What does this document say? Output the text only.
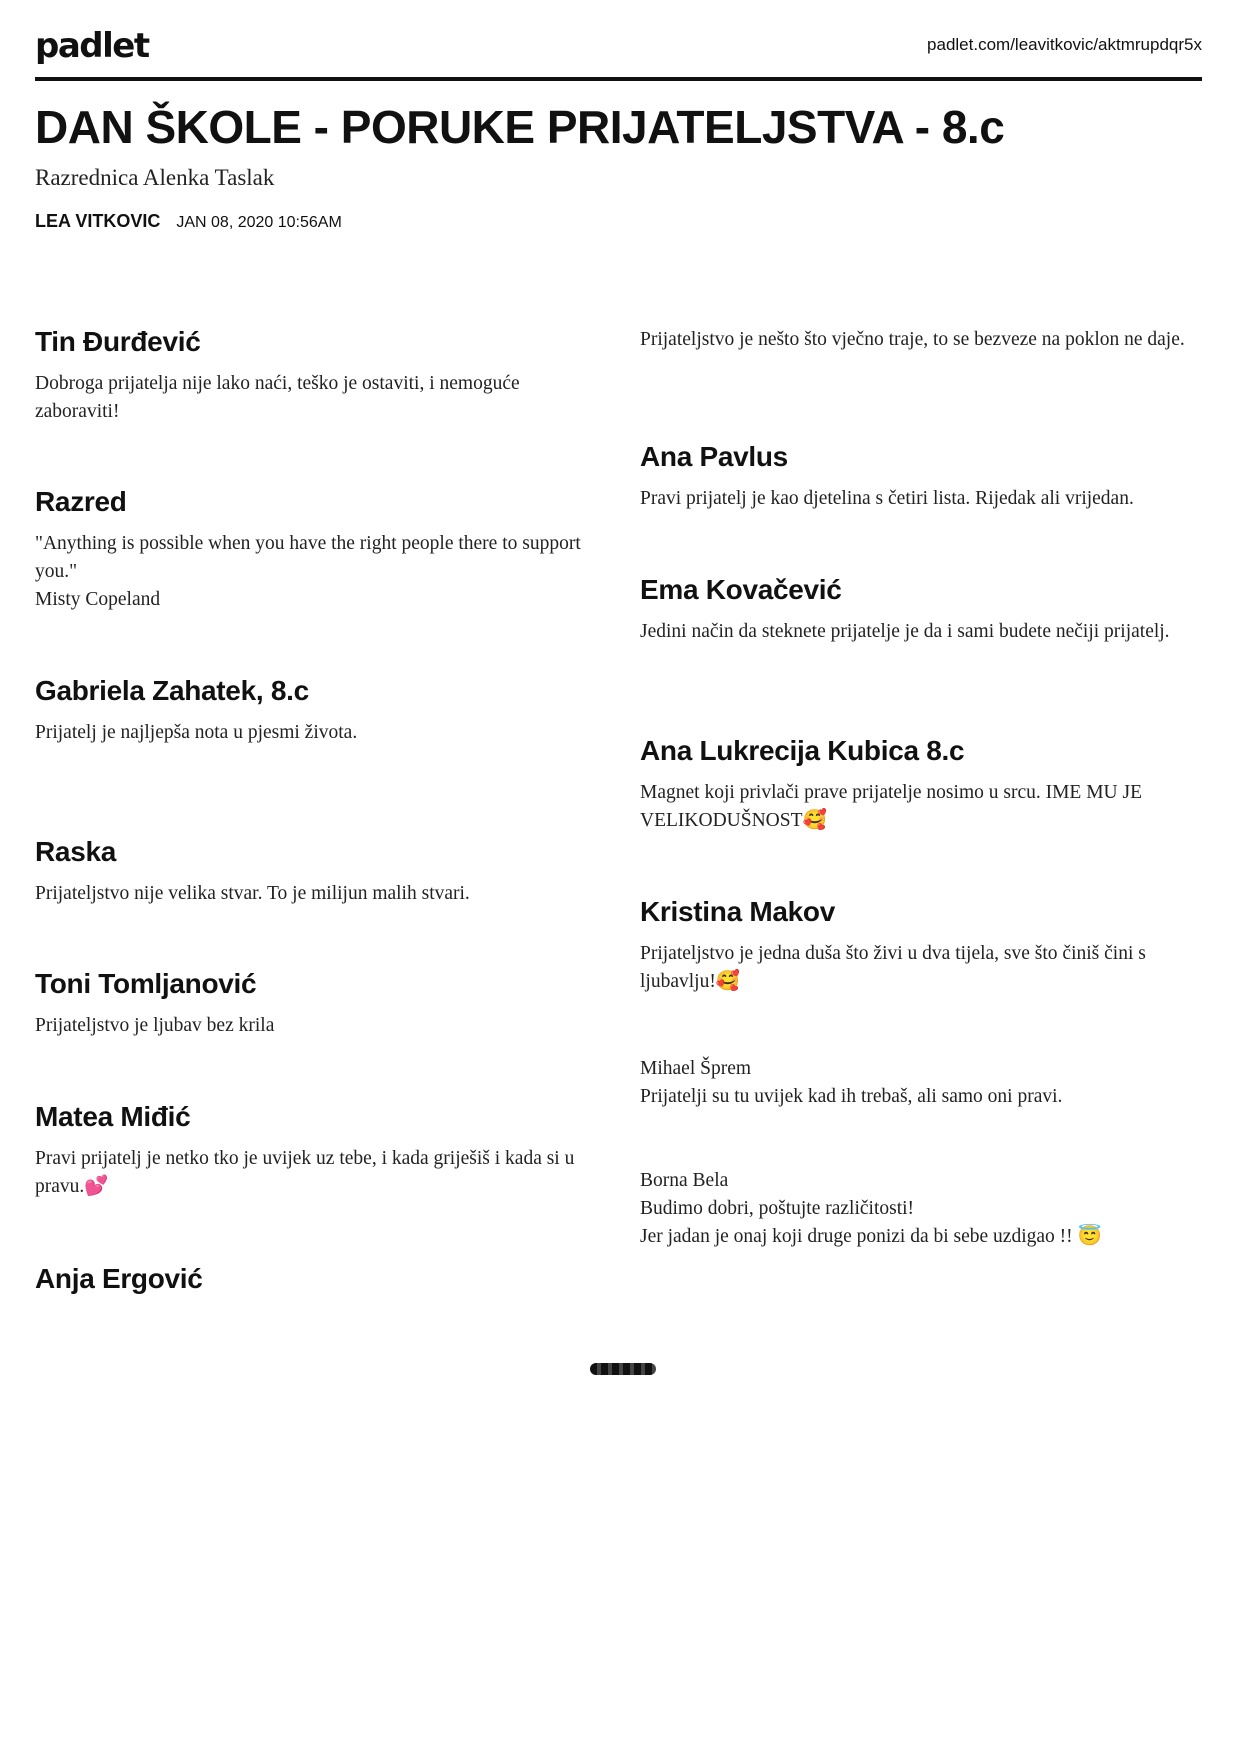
padlet	padlet.com/leavitkovic/aktmrupdqr5x
DAN ŠKOLE - PORUKE PRIJATELJSTVA - 8.c
Razrednica Alenka Taslak
LEA VITKOVIC JAN 08, 2020 10:56AM
Tin Đurđević
Dobroga prijatelja nije lako naći, teško je ostaviti, i nemoguće zaboraviti!
Razred
"Anything is possible when you have the right people there to support you."
Misty Copeland
Gabriela Zahatek, 8.c
Prijatelj je najljepša nota u pjesmi života.
Raska
Prijateljstvo nije velika stvar. To je milijun malih stvari.
Toni Tomljanović
Prijateljstvo je ljubav bez krila
Matea Miđić
Pravi prijatelj je netko tko je uvijek uz tebe, i kada griješiš i kada si u pravu.💕
Anja Ergović
Prijateljstvo je nešto što vječno traje, to se bezveze na poklon ne daje.
Ana Pavlus
Pravi prijatelj je kao djetelina s četiri lista. Rijedak ali vrijedan.
Ema Kovačević
Jedini način da steknete prijatelje je da i sami budete nečiji prijatelj.
Ana Lukrecija Kubica 8.c
Magnet koji privlači prave prijatelje nosimo u srcu. IME MU JE VELIKODUŠNOST🥰
Kristina Makov
Prijateljstvo je jedna duša što živi u dva tijela, sve što činiš čini s ljubavlju!🥰
Mihael Šprem
Prijatelji su tu uvijek kad ih trebaš, ali samo oni pravi.
Borna Bela
Budimo dobri, poštujte različitosti!
Jer jadan je onaj koji druge ponizi da bi sebe uzdigao !! 😇
